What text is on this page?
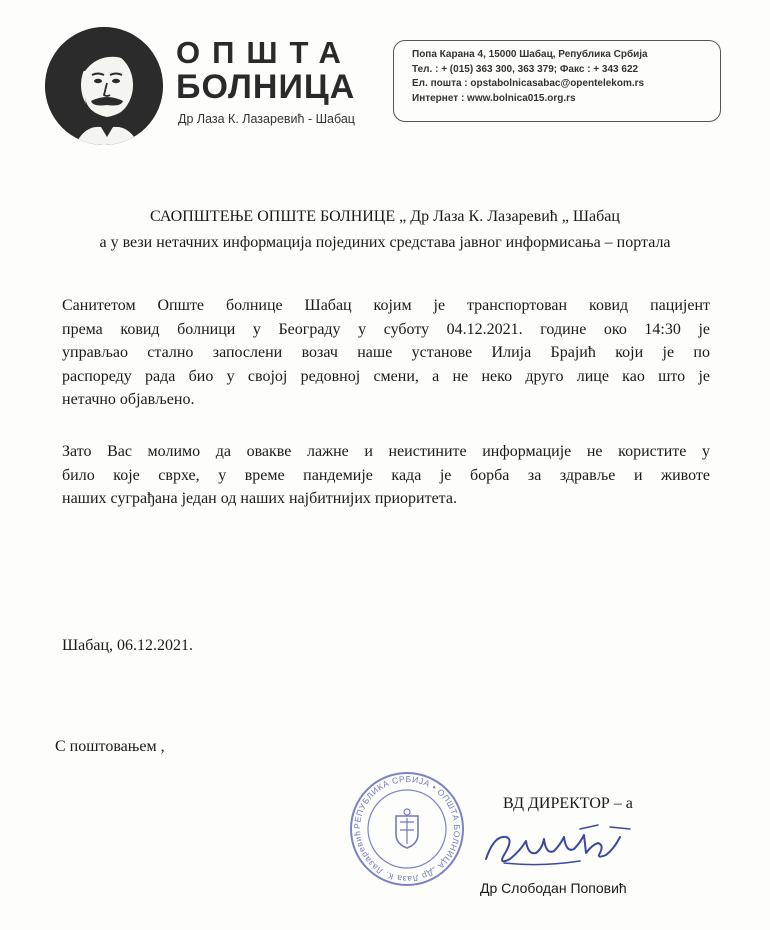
ОПШТА
БОЛНИЦА
Др Лаза К. Лазаревић - Шабац
Попа Карана 4, 15000 Шабац, Република Србија
Тел. : + (015) 363 300, 363 379; Факс : + 343 622
Ел. пошта : opstabolnicasabac@opentelekom.rs
Интернет : www.bolnica015.org.rs
САОПШТЕЊЕ ОПШТЕ БОЛНИЦЕ „ Др Лаза К. Лазаревић „ Шабац
а у вези нетачних информација појединих средстава јавног информисања – портала
Санитетом Опште болнице Шабац којим је транспортован ковид пацијент
према ковид болници у Београду у суботу 04.12.2021. године око 14:30 је
управљао стално запослени возач наше установе Илија Брајић који је по
распореду рада био у својој редовној смени, а не неко друго лице као што је
нетачно објављено.
Зато Вас молимо да овакве лажне и неистините информације не користите у
било које сврхе, у време пандемије када је борба за здравље и животе
наших суграђана један од наших најбитнијих приоритета.
Шабац, 06.12.2021.
С поштовањем ,
РЕПУБЛИКА СРБИЈА • ОПШТА БОЛНИЦА „Др Лаза К. Лазаревић
ВД ДИРЕКТОР – а
Др Слободан Поповић
